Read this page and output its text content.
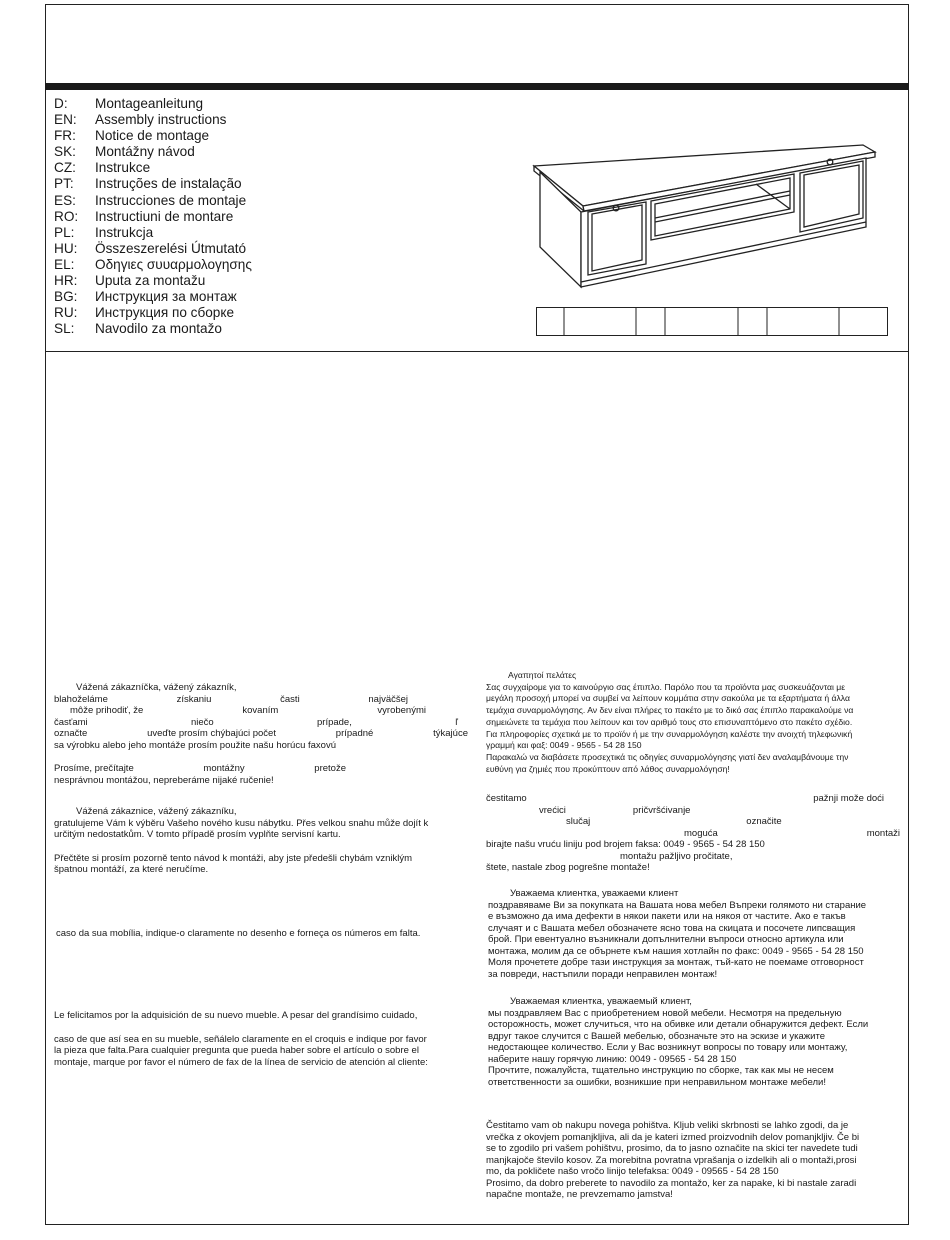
D:	Montageanleitung
EN:	Assembly instructions
FR:	Notice de montage
SK:	Montážny návod
CZ:	Instrukce
PT:	Instruções de instalação
ES:	Instrucciones de montaje
RO:	Instructiuni de montare
PL:	Instrukcja
HU:	Összeszerelési Útmutató
EL:	Οδηγιες συυαρμολογησης
HR:	Uputa za montažu
BG:	Инструкция за монтаж
RU:	Инструкция по сборке
SL:	Navodilo za montažo
Vážená zákazníčka, vážený zákazník,
blahoželáme	získaniu	časti	najväčšej
môže prihodiť, že	kovaním	vyrobenými
časťami	niečo	prípade,	ľ
označte	uveďte prosím chýbajúci počet	prípadné	týkajúce
sa výrobku alebo jeho montáže prosím použite našu horúcu faxovú
Prosíme, prečítajte	montážny	pretože
nesprávnou montážou, nepreberáme nijaké ručenie!
Vážená zákaznice, vážený zákazníku,
gratulujeme Vám k výběru Vašeho nového kusu nábytku. Přes velkou snahu může dojít k
určitým nedostatkům. V tomto případě prosím vyplňte servisní kartu.
Přečtěte si prosím pozorně tento návod k montáži, aby jste předešli chybám vzniklým
špatnou montáží, za které neručíme.
caso da sua mobília, indique-o claramente no desenho e forneça os números em falta.
Le felicitamos por la adquisición de su nuevo mueble. A pesar del grandísimo cuidado,
caso de que así sea en su mueble, señálelo claramente en el croquis e indique por favor
la pieza que falta.Para cualquier pregunta que pueda haber sobre el artículo o sobre el
montaje, marque por favor el número de fax de la línea de servicio de atención al cliente:
Αγαπητοί πελάτες
Σας συγχαίρομε για το καινούργιο σας έπιπλο. Παρόλο που τα προϊόντα μας συσκευάζονται με
μεγάλη προσοχή μπορεί να συμβεί να λείπουν κομμάτια στην σακούλα με τα εξαρτήματα ή άλλα
τεμάχια συναρμολόγησης. Αν δεν είναι πλήρες το πακέτο με το δικό σας έπιπλο παρακαλούμε να
σημειώνετε τα τεμάχια που λείπουν και τον αριθμό τους στο επισυναπτόμενο στο πακέτο σχέδιο.
Για πληροφορίες σχετικά με το προϊόν ή με την συναρμολόγηση καλέστε την ανοιχτή τηλεφωνική
γραμμή και φαξ: 0049 - 9565 - 54 28 150
Παρακαλώ να διαβάσετε προσεχτικά τις οδηγίες συναρμολόγησης γιατί δεν αναλαμβάνουμε την
ευθύνη για ζημιές που προκύπτουν από λάθος συναρμολόγηση!
čestitamo	pažnji može doći
vrećici	pričvršćivanje
slučaj	označite
moguća	montaži
birajte našu vruću liniju pod brojem faksa: 0049 - 9565 - 54 28 150
montažu pažljivo pročitate,
štete, nastale zbog pogrešne montaže!
Уважаема клиентка, уважаеми клиент
поздравяваме Ви за покупката на Вашата нова мебел Въпреки голямото ни старание
е възможно да има дефекти в някои пакети или на някоя от частите. Ако е такъв
случаят и с Вашата мебел обозначете ясно това на скицата и посочете липсващия
брой. При евентуално възникнали допълнителни въпроси относно артикула или
монтажа, молим да се обърнете към нашия хотлайн по факс: 0049 - 9565 - 54 28 150
Моля прочетете добре тази инструкция за монтаж, тъй-като не поемаме отговорност
за повреди, настъпили поради неправилен монтаж!
Уважаемая клиентка, уважаемый клиент,
мы поздравляем Вас с приобретением новой мебели. Несмотря на предельную
осторожность, может случиться, что на обивке или детали обнаружится дефект. Если
вдруг такое случится с Вашей мебелью, обозначьте это на эскизе и укажите
недостающее количество. Если у Вас возникнут вопросы по товару или монтажу,
наберите нашу горячую линию: 0049 - 09565 - 54 28 150
Прочтите, пожалуйста, тщательно инструкцию по сборке, так как мы не несем
ответственности за ошибки, возникшие при неправильном монтаже мебели!
Čestitamo vam ob nakupu novega pohištva. Kljub veliki skrbnosti se lahko zgodi, da je
vrečka z okovjem pomanjkljiva, ali da je kateri izmed proizvodnih delov pomanjkljiv. Če bi
se to zgodilo pri vašem pohištvu, prosimo, da to jasno označite na skici ter navedete tudi
manjkajoče število kosov. Za morebitna povratna vprašanja o izdelkih ali o montaži,prosi
mo, da pokličete našo vročo linijo telefaksa: 0049 - 09565 - 54 28 150
Prosimo, da dobro preberete to navodilo za montažo, ker za napake, ki bi nastale zaradi
napačne montaže, ne prevzemamo jamstva!
